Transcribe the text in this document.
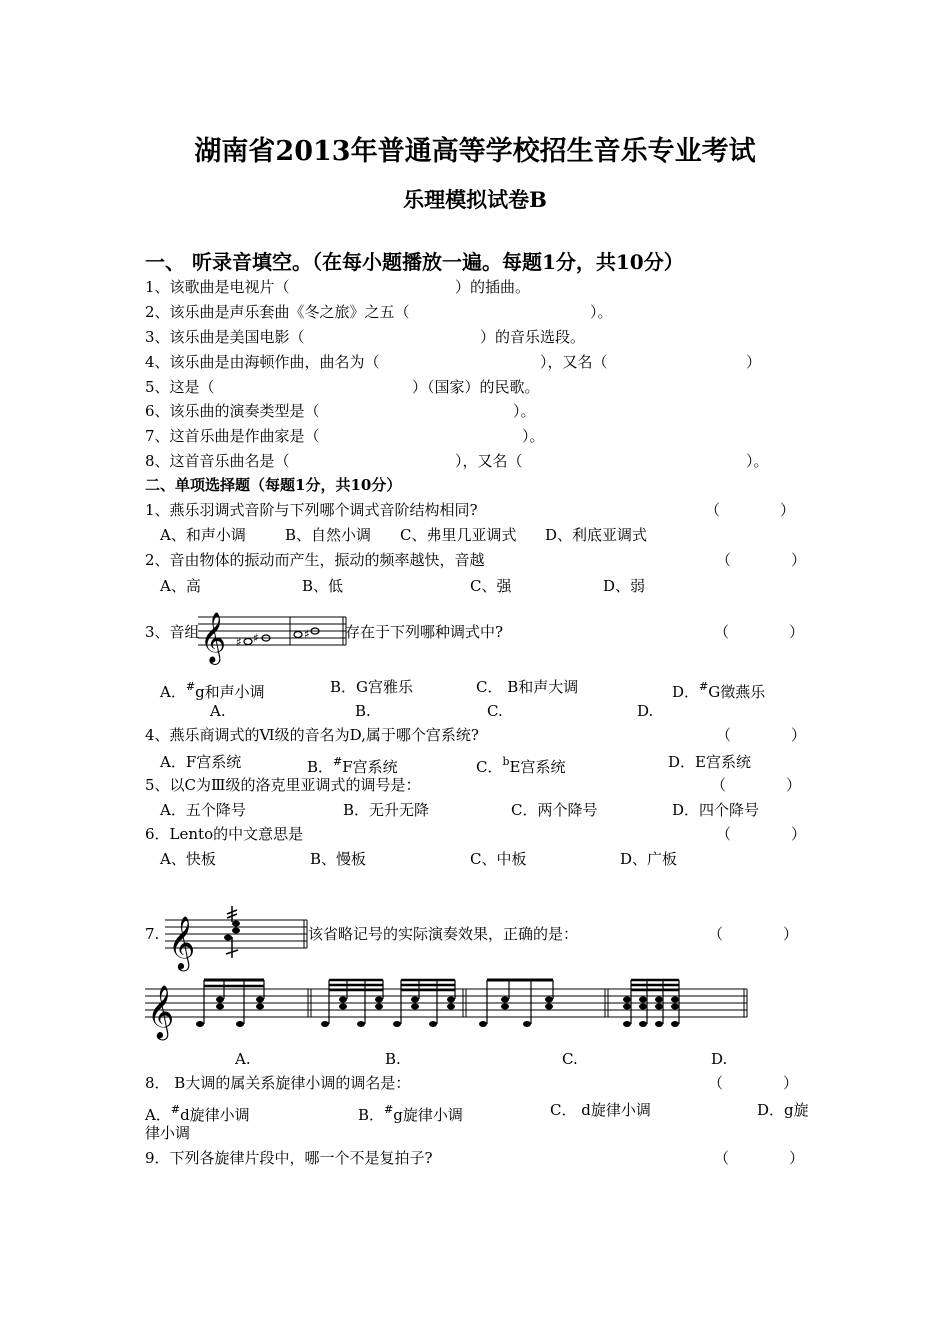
湖南省2013年普通高等学校招生音乐专业考试
乐理模拟试卷B
一、 听录音填空。（在每小题播放一遍。每题1分，共10分）
1、该歌曲是电视片（	）的插曲。
2、该乐曲是声乐套曲《冬之旅》之五（	）。
3、该乐曲是美国电影（	）的音乐选段。
4、该乐曲是由海顿作曲，曲名为（	），又名（	）
5、这是（	）（国家）的民歌。
6、该乐曲的演奏类型是（	）。
7、这首乐曲是作曲家是（	）。
8、这首音乐曲名是（	），又名（	）。
二、单项选择题（每题1分，共10分）
1、燕乐羽调式音阶与下列哪个调式音阶结构相同?	（　　　　）
A、和声小调	B、自然小调 C、弗里几亚调式 D、利底亚调式
2、音由物体的振动而产生，振动的频率越快，音越	（　　　　）
A、高	B、低	C、强	D、弱
3、音组 𝄞 ♯ ♯	♯ 存在于下列哪种调式中?	（　　　　）
A．#g和声小调	B．G宫雅乐	C． B和声大调	D．#G徵燕乐
A.	B.	C.	D.
4、燕乐商调式的Ⅵ级的音名为D,属于哪个宫系统?	（　　　　）
A．F宫系统	B．#F宫系统	C．$^b$E宫系统	D．E宫系统
5、以C为Ⅲ级的洛克里亚调式的调号是：	（　　　　）
A．五个降号	B．无升无降	C．两个降号	D．四个降号
6．Lento的中文意思是	（　　　　）
A、快板	B、慢板	C、中板	D、广板
7. 𝄞	该省略记号的实际演奏效果，正确的是：	（　　　　）
𝄞
A.	B.	C.	D.
8． B大调的属关系旋律小调的调名是：	（　　　　）
A．#d旋律小调	B．#g旋律小调	C． d旋律小调	D．g旋
律小调
9．下列各旋律片段中，哪一个不是复拍子?	（　　　　）
